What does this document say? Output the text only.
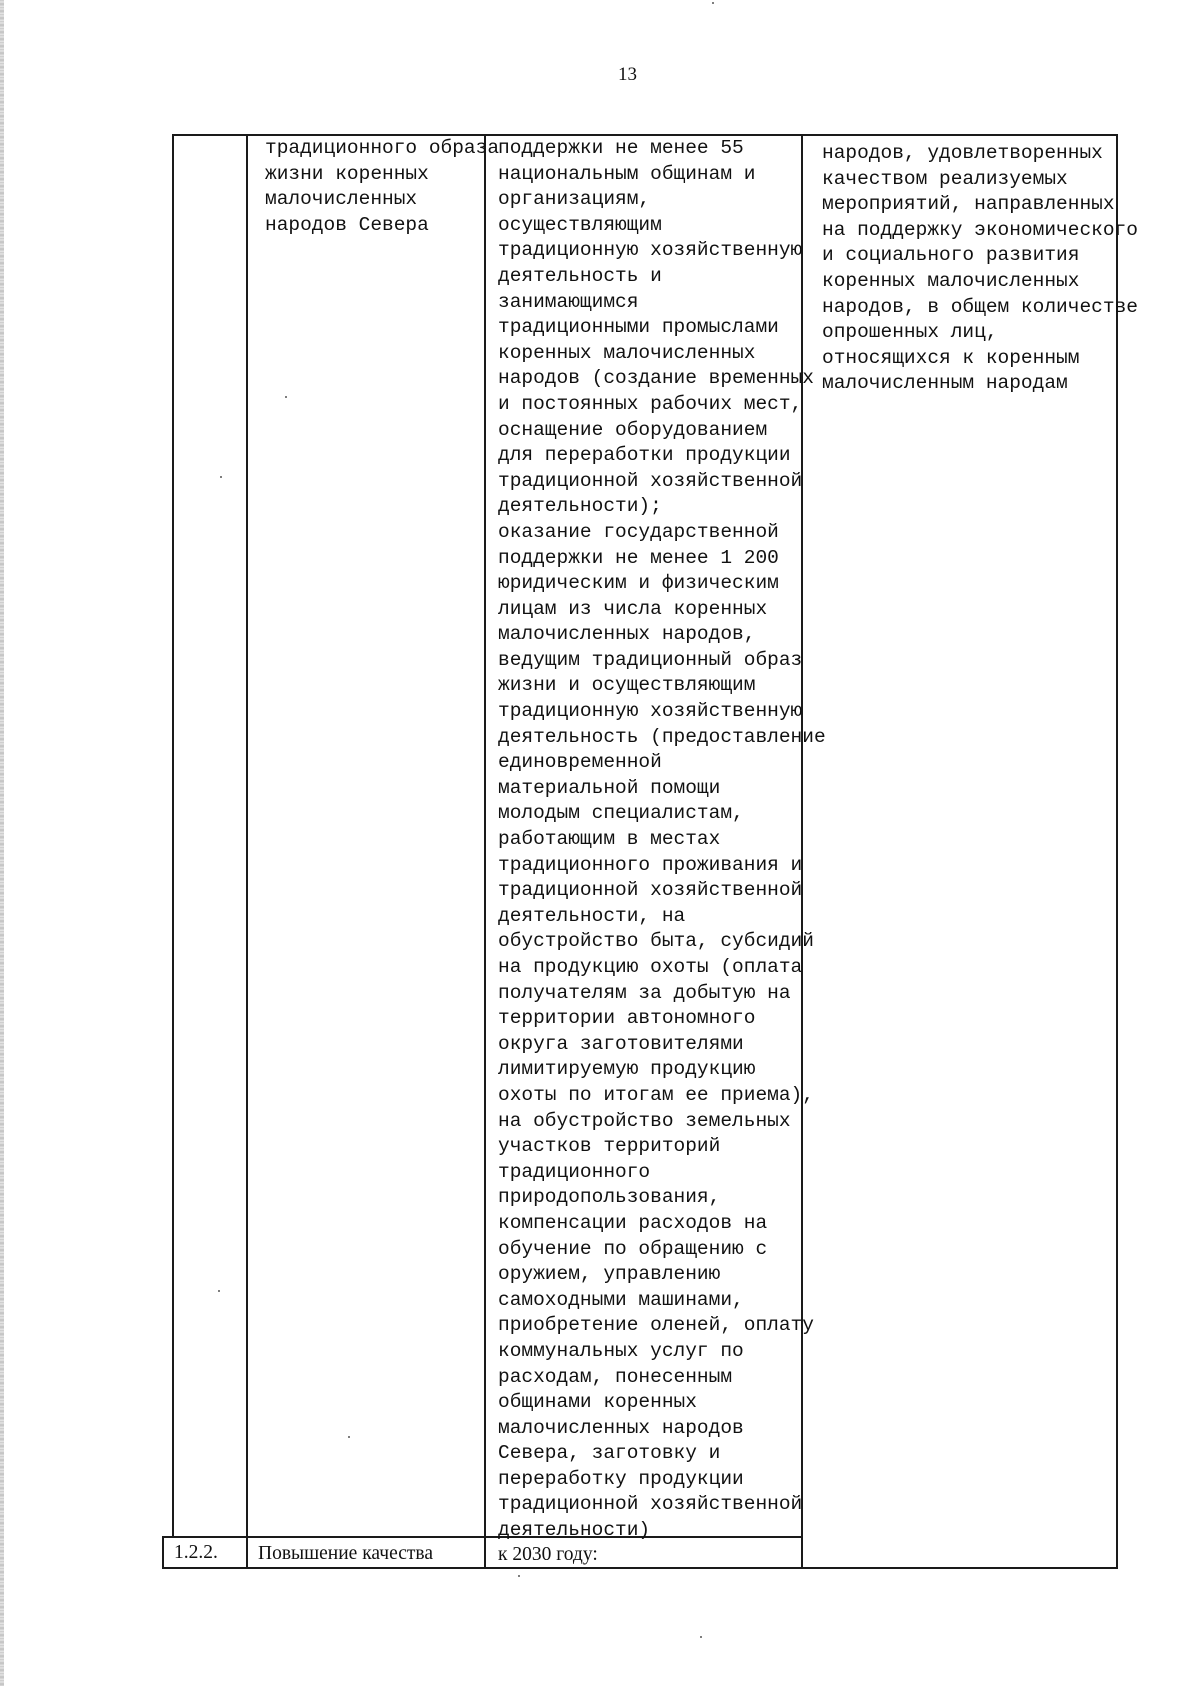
13
традиционного образа
жизни коренных
малочисленных
народов Севера
поддержки не менее 55
национальным общинам и
организациям,
осуществляющим
традиционную хозяйственную
деятельность и
занимающимся
традиционными промыслами
коренных малочисленных
народов (создание временных
и постоянных рабочих мест,
оснащение оборудованием
для переработки продукции
традиционной хозяйственной
деятельности);
оказание государственной
поддержки не менее 1 200
юридическим и физическим
лицам из числа коренных
малочисленных народов,
ведущим традиционный образ
жизни и осуществляющим
традиционную хозяйственную
деятельность (предоставление
единовременной
материальной помощи
молодым специалистам,
работающим в местах
традиционного проживания и
традиционной хозяйственной
деятельности, на
обустройство быта, субсидий
на продукцию охоты (оплата
получателям за добытую на
территории автономного
округа заготовителями
лимитируемую продукцию
охоты по итогам ее приема),
на обустройство земельных
участков территорий
традиционного
природопользования,
компенсации расходов на
обучение по обращению с
оружием, управлению
самоходными машинами,
приобретение оленей, оплату
коммунальных услуг по
расходам, понесенным
общинами коренных
малочисленных народов
Севера, заготовку и
переработку продукции
традиционной хозяйственной
деятельности)
народов, удовлетворенных
качеством реализуемых
мероприятий, направленных
на поддержку экономического
и социального развития
коренных малочисленных
народов, в общем количестве
опрошенных лиц,
относящихся к коренным
малочисленным народам
1.2.2. Повышение качества	к 2030 году:
